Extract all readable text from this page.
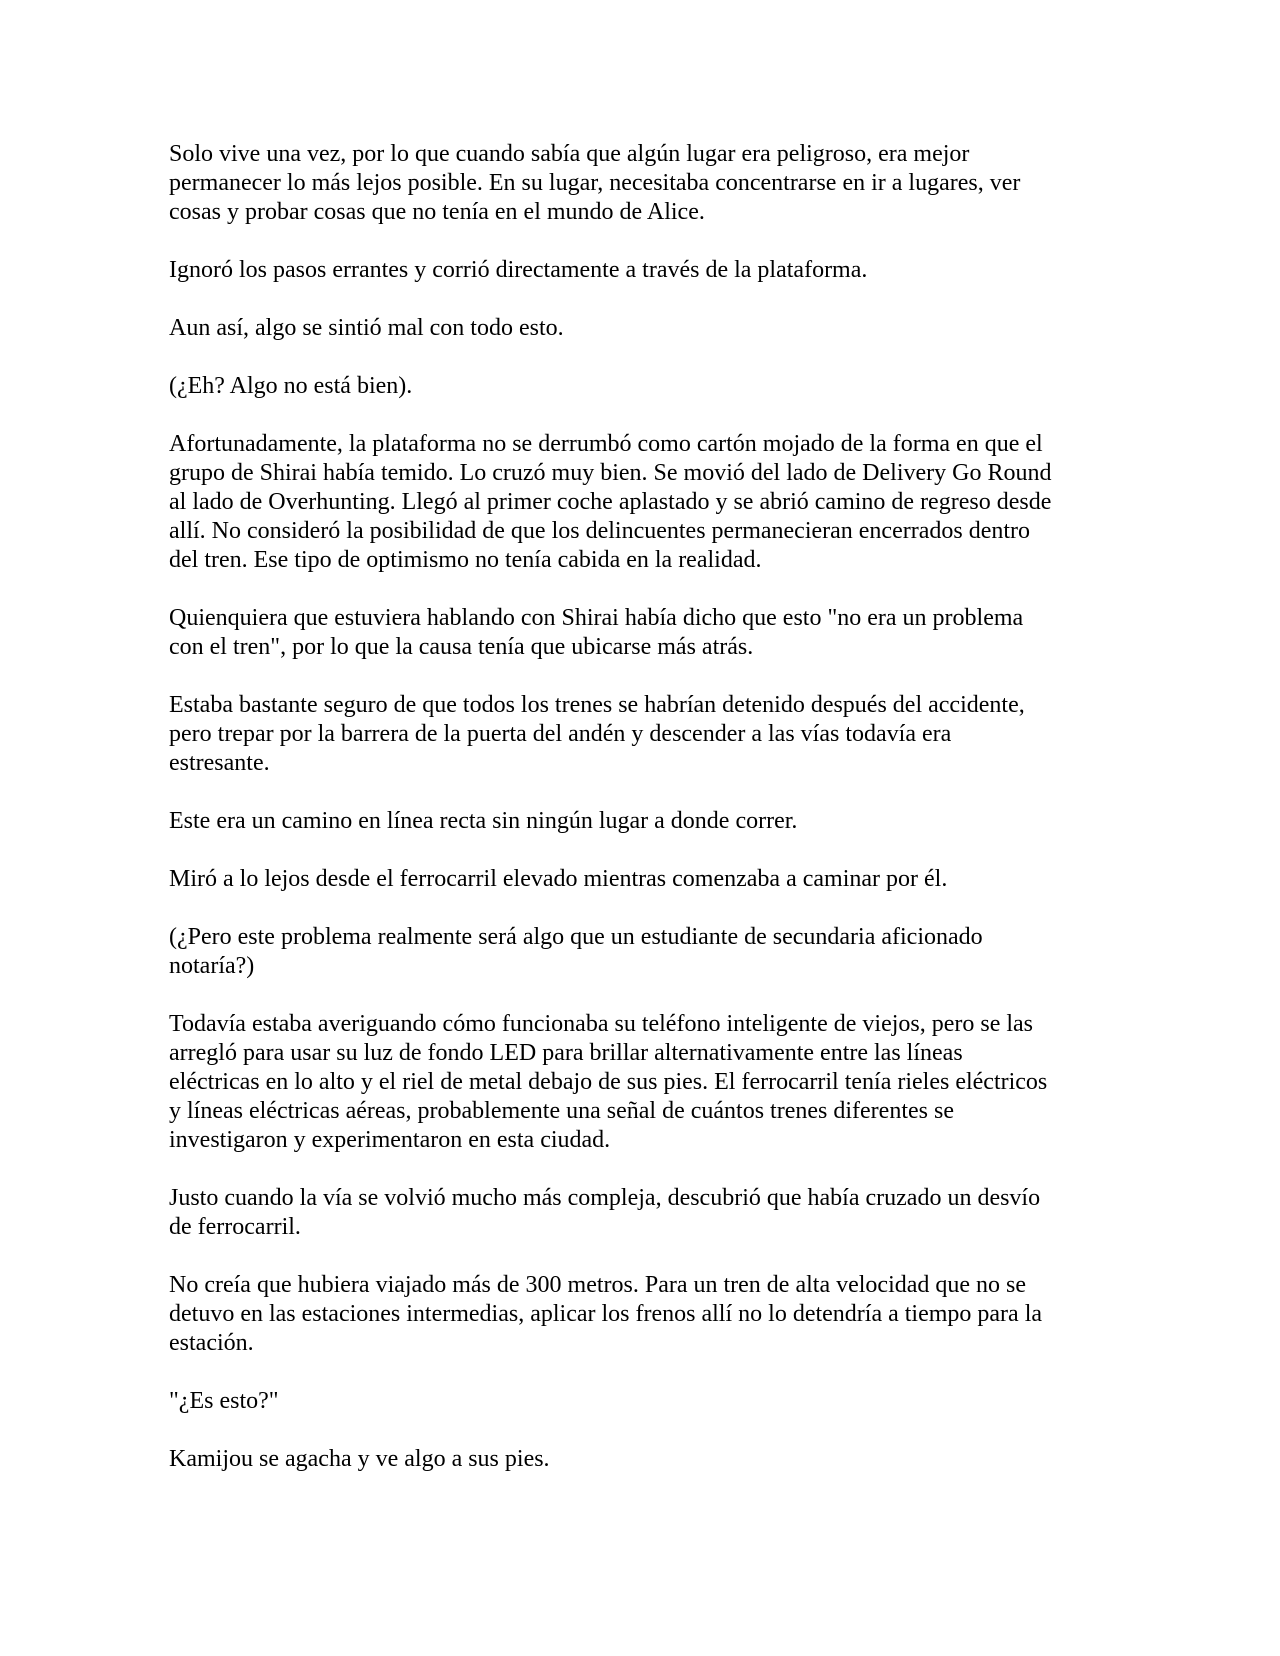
Solo vive una vez, por lo que cuando sabía que algún lugar era peligroso, era mejor permanecer lo más lejos posible. En su lugar, necesitaba concentrarse en ir a lugares, ver cosas y probar cosas que no tenía en el mundo de Alice.

Ignoró los pasos errantes y corrió directamente a través de la plataforma.

Aun así, algo se sintió mal con todo esto.

(¿Eh? Algo no está bien).

Afortunadamente, la plataforma no se derrumbó como cartón mojado de la forma en que el grupo de Shirai había temido. Lo cruzó muy bien. Se movió del lado de Delivery Go Round al lado de Overhunting. Llegó al primer coche aplastado y se abrió camino de regreso desde allí. No consideró la posibilidad de que los delincuentes permanecieran encerrados dentro del tren. Ese tipo de optimismo no tenía cabida en la realidad.

Quienquiera que estuviera hablando con Shirai había dicho que esto "no era un problema con el tren", por lo que la causa tenía que ubicarse más atrás.

Estaba bastante seguro de que todos los trenes se habrían detenido después del accidente, pero trepar por la barrera de la puerta del andén y descender a las vías todavía era estresante.

Este era un camino en línea recta sin ningún lugar a donde correr.

Miró a lo lejos desde el ferrocarril elevado mientras comenzaba a caminar por él.

(¿Pero este problema realmente será algo que un estudiante de secundaria aficionado notaría?)

Todavía estaba averiguando cómo funcionaba su teléfono inteligente de viejos, pero se las arregló para usar su luz de fondo LED para brillar alternativamente entre las líneas eléctricas en lo alto y el riel de metal debajo de sus pies. El ferrocarril tenía rieles eléctricos y líneas eléctricas aéreas, probablemente una señal de cuántos trenes diferentes se investigaron y experimentaron en esta ciudad.

Justo cuando la vía se volvió mucho más compleja, descubrió que había cruzado un desvío de ferrocarril.

No creía que hubiera viajado más de 300 metros. Para un tren de alta velocidad que no se detuvo en las estaciones intermedias, aplicar los frenos allí no lo detendría a tiempo para la estación.

"¿Es esto?"

Kamijou se agacha y ve algo a sus pies.
